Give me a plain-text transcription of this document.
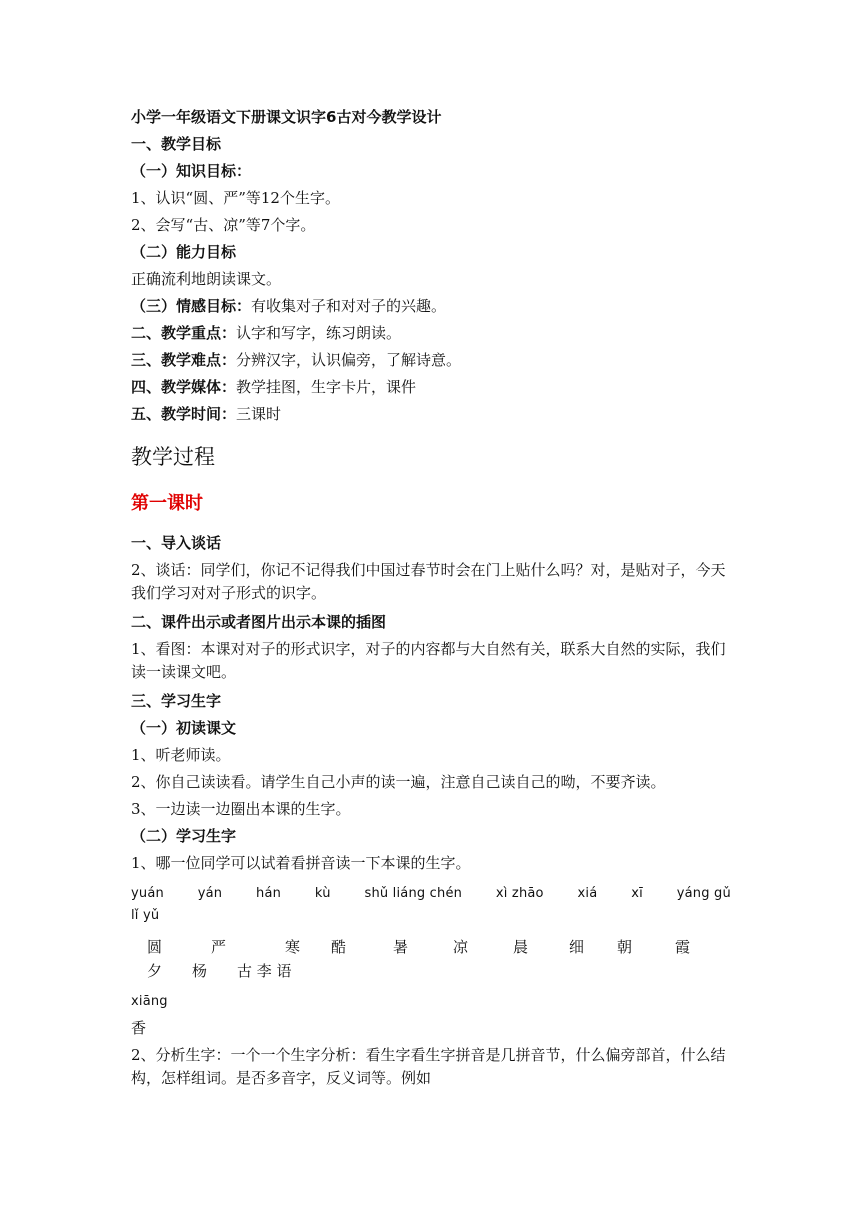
小学一年级语文下册课文识字6古对今教学设计
一、教学目标
（一）知识目标：
1、认识“圆、严”等12个生字。
2、会写“古、凉”等7个字。
（二）能力目标
正确流利地朗读课文。
（三）情感目标：有收集对子和对对子的兴趣。
二、教学重点：认字和写字，练习朗读。
三、教学难点：分辨汉字，认识偏旁，了解诗意。
四、教学媒体：教学挂图，生字卡片，课件
五、教学时间：三课时
教学过程
第一课时
一、导入谈话
2、谈话：同学们，你记不记得我们中国过春节时会在门上贴什么吗？对，是贴对子，今天我们学习对对子形式的识字。
二、课件出示或者图片出示本课的插图
1、看图：本课对对子的形式识字，对子的内容都与大自然有关，联系大自然的实际，我们读一读课文吧。
三、学习生字
（一）初读课文
1、听老师读。
2、你自己读读看。请学生自己小声的读一遍，注意自己读自己的呦，不要齐读。
3、一边读一边圈出本课的生字。
（二）学习生字
1、哪一位同学可以试着看拼音读一下本课的生字。
yuán	yán	hán	kù	shǔ liáng chén	xì zhāo	xiá	xī	yáng gǔ
lǐ yǔ
圆	严	寒	酷	暑	凉	晨	细	朝	霞
夕　　杨　　古 李 语
xiāng
香
2、分析生字：一个一个生字分析：看生字看生字拼音是几拼音节，什么偏旁部首，什么结构，怎样组词。是否多音字，反义词等。例如
